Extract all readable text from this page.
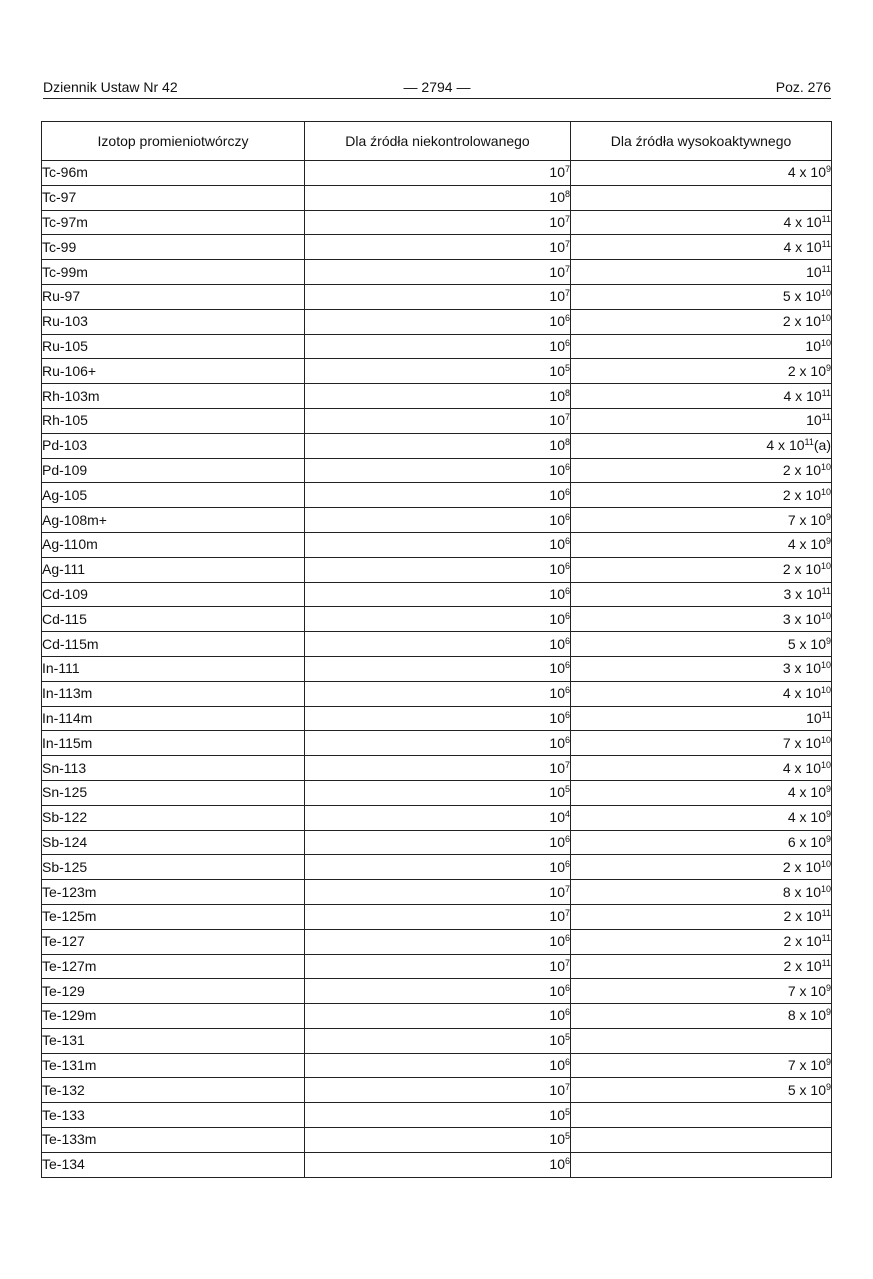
Dziennik Ustaw Nr 42	— 2794 —	Poz. 276
Izotop promieniotwórczy	Dla źródła niekontrolowanego	Dla źródła wysokoaktywnego
Tc-96m	$10^7$	4 x $10^9$
Tc-97	$10^8$	
Tc-97m	$10^7$	4 x $10^{11}$
Tc-99	$10^7$	4 x $10^{11}$
Tc-99m	$10^7$	$10^{11}$
Ru-97	$10^7$	5 x $10^{10}$
Ru-103	$10^6$	2 x $10^{10}$
Ru-105	$10^6$	$10^{10}$
Ru-106+	$10^5$	2 x $10^9$
Rh-103m	$10^8$	4 x $10^{11}$
Rh-105	$10^7$	$10^{11}$
Pd-103	$10^8$	4 x $10^{11}(a)$
Pd-109	$10^6$	2 x $10^{10}$
Ag-105	$10^6$	2 x $10^{10}$
Ag-108m+	$10^6$	7 x $10^9$
Ag-110m	$10^6$	4 x $10^9$
Ag-111	$10^6$	2 x $10^{10}$
Cd-109	$10^6$	3 x $10^{11}$
Cd-115	$10^6$	3 x $10^{10}$
Cd-115m	$10^6$	5 x $10^9$
In-111	$10^6$	3 x $10^{10}$
In-113m	$10^6$	4 x $10^{10}$
In-114m	$10^6$	$10^{11}$
In-115m	$10^6$	7 x $10^{10}$
Sn-113	$10^7$	4 x $10^{10}$
Sn-125	$10^5$	4 x $10^9$
Sb-122	$10^4$	4 x $10^9$
Sb-124	$10^6$	6 x $10^9$
Sb-125	$10^6$	2 x $10^{10}$
Te-123m	$10^7$	8 x $10^{10}$
Te-125m	$10^7$	2 x $10^{11}$
Te-127	$10^6$	2 x $10^{11}$
Te-127m	$10^7$	2 x $10^{11}$
Te-129	$10^6$	7 x $10^9$
Te-129m	$10^6$	8 x $10^9$
Te-131	$10^5$	
Te-131m	$10^6$	7 x $10^9$
Te-132	$10^7$	5 x $10^9$
Te-133	$10^5$	
Te-133m	$10^5$	
Te-134	$10^6$	
